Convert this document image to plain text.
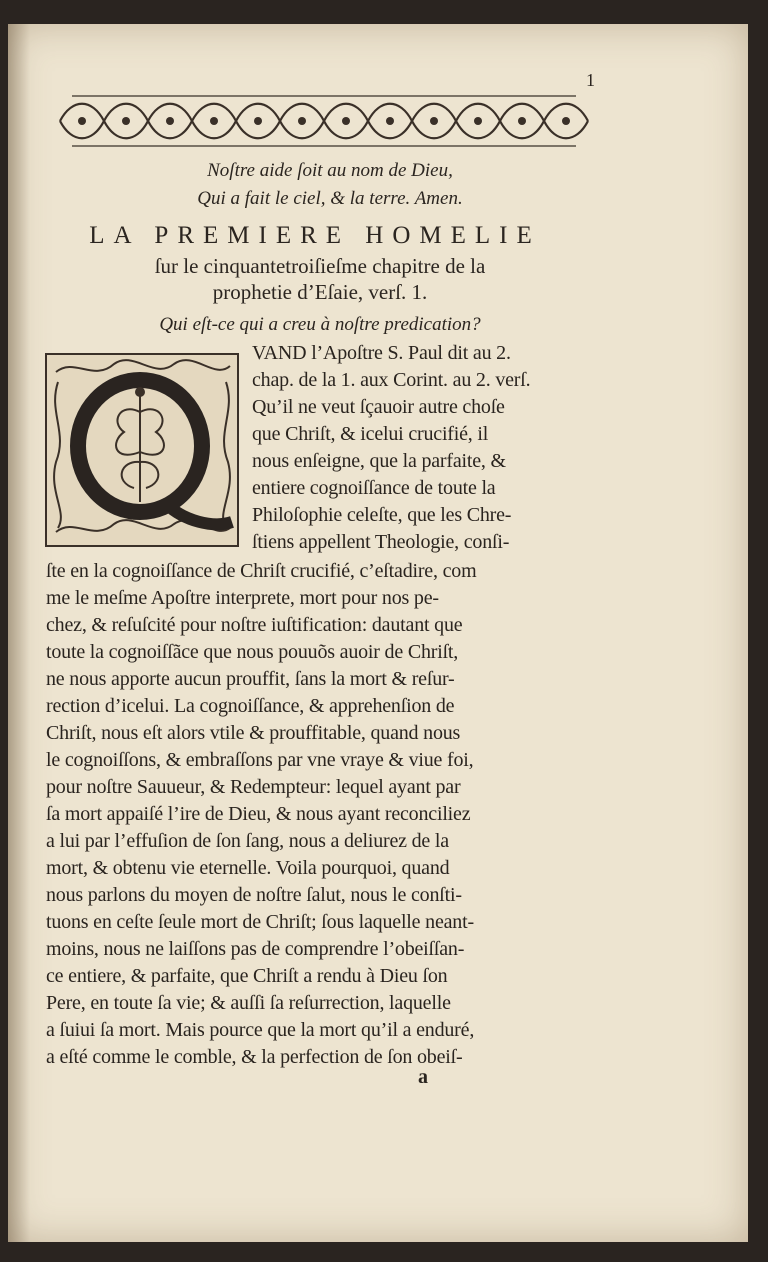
1
Noſtre aide ſoit au nom de Dieu,
Qui a fait le ciel, & la terre. Amen.
LA PREMIERE HOMELIE
ſur le cinquantetroiſieſme chapitre de la
prophetie d’Eſaie, verſ. 1.
Qui eſt-ce qui a creu à noſtre predication?
VAND l’Apoſtre S. Paul dit au 2.
chap. de la 1. aux Corint. au 2. verſ.
Qu’il ne veut ſçauoir autre choſe
que Chriſt, & icelui crucifié, il
nous enſeigne, que la parfaite, &
entiere cognoiſſance de toute la
Philoſophie celeſte, que les Chre-
ſtiens appellent Theologie, conſi-
ſte en la cognoiſſance de Chriſt crucifié, c’eſtadire, com
me le meſme Apoſtre interprete, mort pour nos pe-
chez, & reſuſcité pour noſtre iuſtification: dautant que
toute la cognoiſſãce que nous pouuõs auoir de Chriſt,
ne nous apporte aucun prouffit, ſans la mort & reſur-
rection d’icelui. La cognoiſſance, & apprehenſion de
Chriſt, nous eſt alors vtile & prouffitable, quand nous
le cognoiſſons, & embraſſons par vne vraye & viue foi,
pour noſtre Sauueur, & Redempteur: lequel ayant par
ſa mort appaiſé l’ire de Dieu, & nous ayant reconciliez
a lui par l’effuſion de ſon ſang, nous a deliurez de la
mort, & obtenu vie eternelle. Voila pourquoi, quand
nous parlons du moyen de noſtre ſalut, nous le conſti-
tuons en ceſte ſeule mort de Chriſt; ſous laquelle neant-
moins, nous ne laiſſons pas de comprendre l’obeiſſan-
ce entiere, & parfaite, que Chriſt a rendu à Dieu ſon
Pere, en toute ſa vie; & auſſi ſa reſurrection, laquelle
a ſuiui ſa mort. Mais pource que la mort qu’il a enduré,
a eſté comme le comble, & la perfection de ſon obeiſ-
a
